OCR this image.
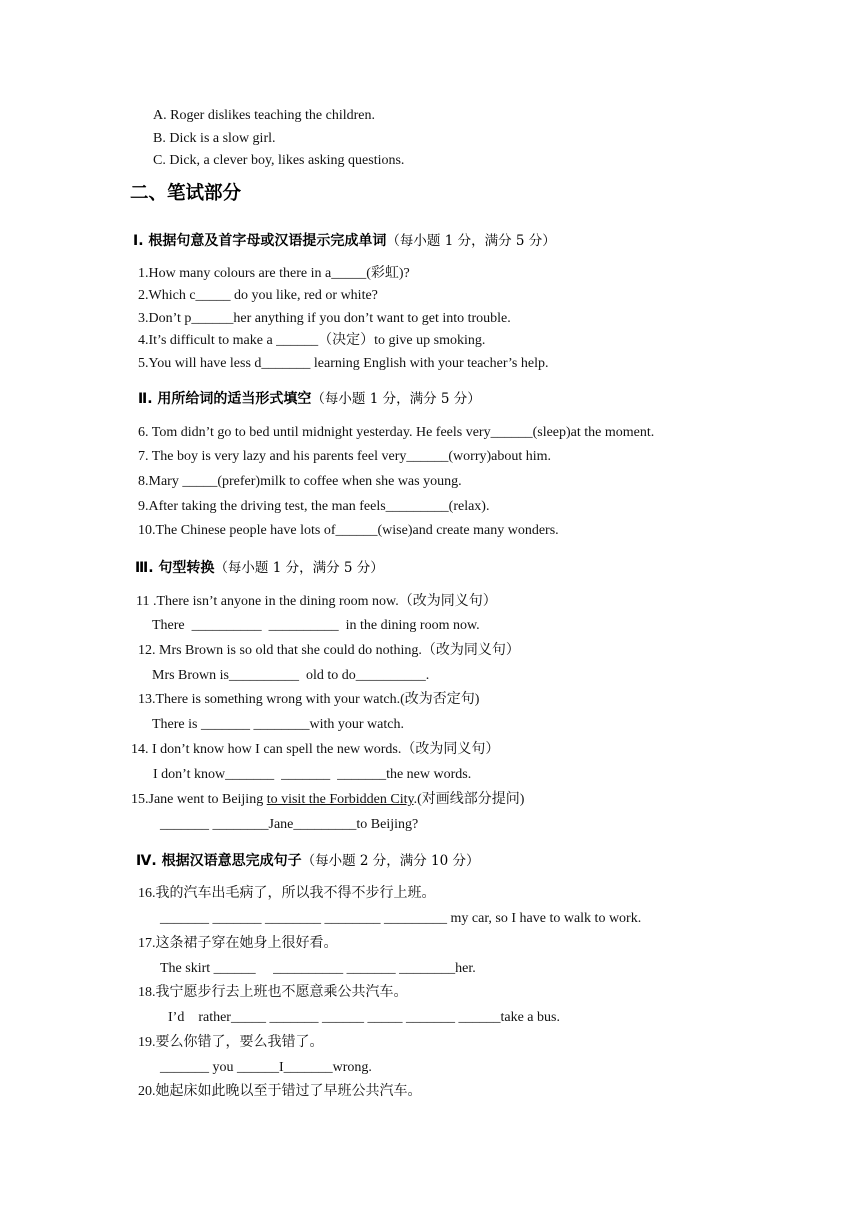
A. Roger dislikes teaching the children.
B. Dick is a slow girl.
C. Dick, a clever boy, likes asking questions.
二、笔试部分
Ⅰ. 根据句意及首字母或汉语提示完成单词（每小题 1 分，满分 5 分）
1.How many colours are there in a_____(彩虹)?
2.Which c_____ do you like, red or white?
3.Don’t p______her anything if you don’t want to get into trouble.
4.It’s difficult to make a ______（决定）to give up smoking.
5.You will have less d_______ learning English with your teacher’s help.
Ⅱ. 用所给词的适当形式填空（每小题 1 分，满分 5 分）
6. Tom didn’t go to bed until midnight yesterday. He feels very______(sleep)at the moment.
7. The boy is very lazy and his parents feel very______(worry)about him.
8.Mary _____(prefer)milk to coffee when she was young.
9.After taking the driving test, the man feels_________(relax).
10.The Chinese people have lots of______(wise)and create many wonders.
Ⅲ. 句型转换（每小题 1 分，满分 5 分）
11 .There isn’t anyone in the dining room now.（改为同义句）
There  __________  __________  in the dining room now.
12. Mrs Brown is so old that she could do nothing.（改为同义句）
Mrs Brown is__________  old to do__________.
13.There is something wrong with your watch.(改为否定句)
There is _______ ________with your watch.
14. I don’t know how I can spell the new words.（改为同义句）
I don’t know_______  _______  _______the new words.
15.Jane went to Beijing to visit the Forbidden City.(对画线部分提问)
_______ ________Jane_________to Beijing?
Ⅳ. 根据汉语意思完成句子（每小题 2 分，满分 10 分）
16.我的汽车出毛病了，所以我不得不步行上班。
_______ _______ ________ ________ _________ my car, so I have to walk to work.
17.这条裙子穿在她身上很好看。
The skirt ______     __________ _______ ________her.
18.我宁愿步行去上班也不愿意乘公共汽车。
I’d    rather_____ _______ ______ _____ _______ ______take a bus.
19.要么你错了，要么我错了。
_______ you ______I_______wrong.
20.她起床如此晚以至于错过了早班公共汽车。
